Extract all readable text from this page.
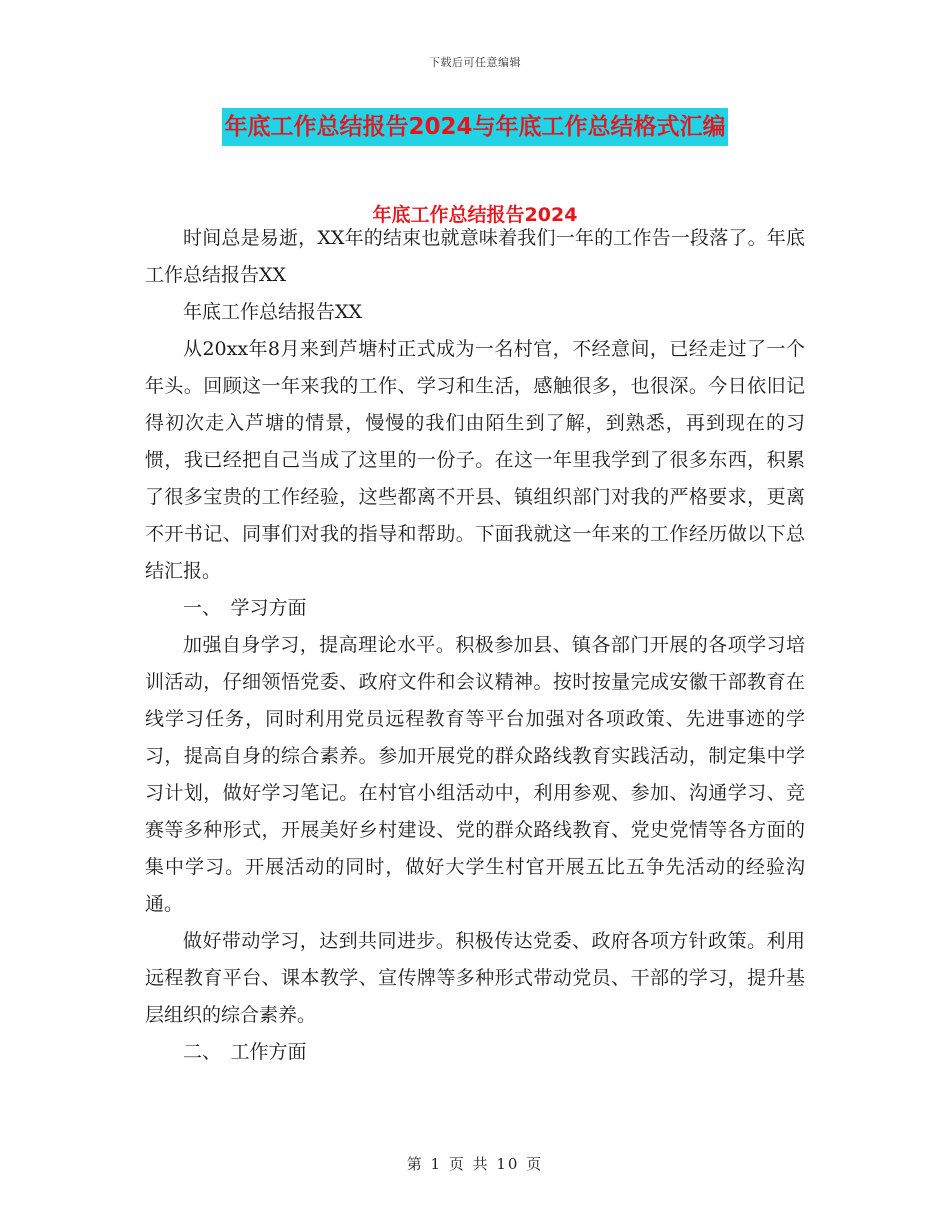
下载后可任意编辑
年底工作总结报告2024与年底工作总结格式汇编
年底工作总结报告2024

时间总是易逝，XX年的结束也就意味着我们一年的工作告一段落了。年底工作总结报告XX

年底工作总结报告XX

从20xx年8月来到芦塘村正式成为一名村官，不经意间，已经走过了一个年头。回顾这一年来我的工作、学习和生活，感触很多，也很深。今日依旧记得初次走入芦塘的情景，慢慢的我们由陌生到了解，到熟悉，再到现在的习惯，我已经把自己当成了这里的一份子。在这一年里我学到了很多东西，积累了很多宝贵的工作经验，这些都离不开县、镇组织部门对我的严格要求，更离不开书记、同事们对我的指导和帮助。下面我就这一年来的工作经历做以下总结汇报。

一、　学习方面

加强自身学习，提高理论水平。积极参加县、镇各部门开展的各项学习培训活动，仔细领悟党委、政府文件和会议精神。按时按量完成安徽干部教育在线学习任务，同时利用党员远程教育等平台加强对各项政策、先进事迹的学习，提高自身的综合素养。参加开展党的群众路线教育实践活动，制定集中学习计划，做好学习笔记。在村官小组活动中，利用参观、参加、沟通学习、竞赛等多种形式，开展美好乡村建设、党的群众路线教育、党史党情等各方面的集中学习。开展活动的同时，做好大学生村官开展五比五争先活动的经验沟通。

做好带动学习，达到共同进步。积极传达党委、政府各项方针政策。利用远程教育平台、课本教学、宣传牌等多种形式带动党员、干部的学习，提升基层组织的综合素养。

二、　工作方面

第 1 页 共 10 页
